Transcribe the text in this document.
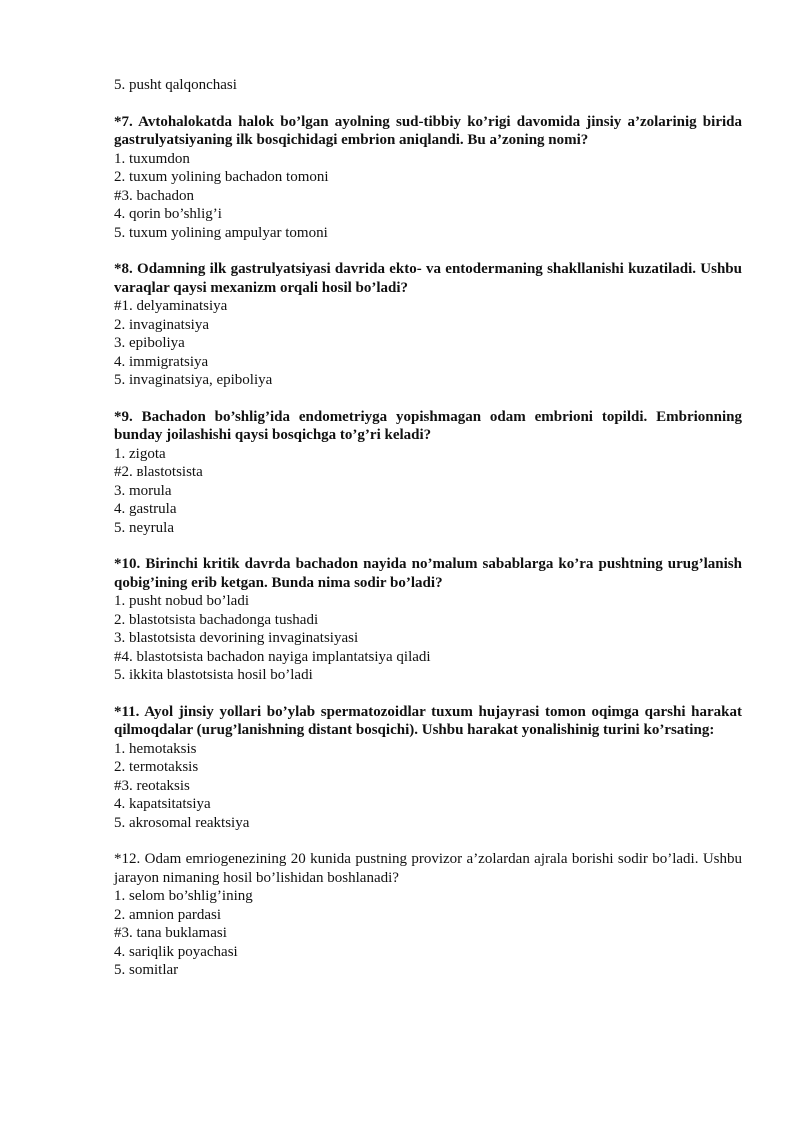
5. pusht qalqonchasi
*7. Avtohalokatda halok bo’lgan ayolning sud-tibbiy ko’rigi davomida jinsiy a’zolarinig birida gastrulyatsiyaning ilk bosqichidagi embrion aniqlandi. Bu a’zoning nomi?
1. tuxumdon
2. tuxum yolining bachadon tomoni
#3. bachadon
4. qorin bo’shlig’i
5. tuxum yolining ampulyar tomoni
*8. Odamning ilk gastrulyatsiyasi davrida ekto- va entodermaning shakllanishi kuzatiladi. Ushbu varaqlar qaysi mexanizm orqali hosil bo’ladi?
#1. delyaminatsiya
2. invaginatsiya
3. epiboliya
4. immigratsiya
5. invaginatsiya, epiboliya
*9. Bachadon bo’shlig’ida endometriyga yopishmagan odam embrioni topildi. Embrionning bunday joilashishi qaysi bosqichga to’g’ri keladi?
1. zigota
#2. вlastotsista
3. morula
4. gastrula
5. neyrula
*10. Birinchi kritik davrda bachadon nayida no’malum sabablarga ko’ra pushtning urug’lanish qobig’ining erib ketgan. Bunda nima sodir bo’ladi?
1. pusht nobud bo’ladi
2. blastotsista bachadonga tushadi
3. blastotsista devorining invaginatsiyasi
#4. blastotsista bachadon nayiga implantatsiya qiladi
5. ikkita blastotsista hosil bo’ladi
*11. Ayol jinsiy yollari bo’ylab spermatozoidlar tuxum hujayrasi tomon oqimga qarshi harakat qilmoqdalar (urug’lanishning distant bosqichi). Ushbu harakat yonalishinig turini ko’rsating:
1. hemotaksis
2. termotaksis
#3. reotaksis
4. kapatsitatsiya
5. akrosomal reaktsiya
*12. Odam emriogenezining 20 kunida pustning provizor a’zolardan ajrala borishi sodir bo’ladi. Ushbu jarayon nimaning hosil bo’lishidan boshlanadi?
1. selom bo’shlig’ining
2. amnion pardasi
#3. tana buklamasi
4. sariqlik poyachasi
5. somitlar
